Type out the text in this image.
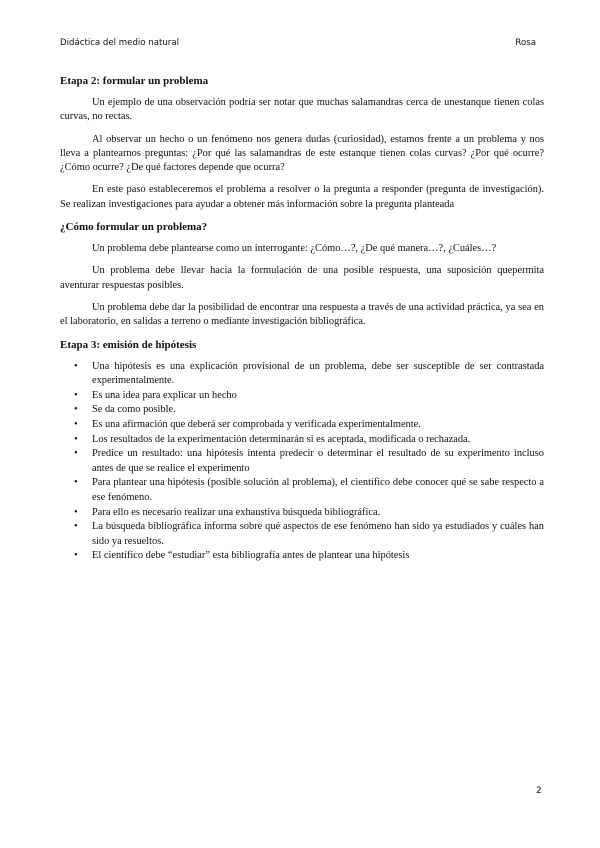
Didáctica del medio natural	Rosa
Etapa 2: formular un problema

Un ejemplo de una observación podría ser notar que muchas salamandras cerca de unestanque tienen colas curvas, no rectas.

Al observar un hecho o un fenómeno nos genera dudas (curiosidad), estamos frente a un problema y nos lleva a plantearnos preguntas: ¿Por qué las salamandras de este estanque tienen colas curvas? ¿Por qué ocurre? ¿Cómo ocurre? ¿De qué factores depende que ocurra?

En este paso estableceremos el problema a resolver o la pregunta a responder (pregunta de investigación). Se realizan investigaciones para ayudar a obtener más información sobre la pregunta planteada

¿Cómo formular un problema?

Un problema debe plantearse como un interrogante: ¿Cómo…?, ¿De qué manera…?, ¿Cuáles…?

Un problema debe llevar hacia la formulación de una posible respuesta, una suposición quepermita aventurar respuestas posibles.

Un problema debe dar la posibilidad de encontrar una respuesta a través de una actividad práctica, ya sea en el laboratorio, en salidas a terreno o mediante investigación bibliográfica.

Etapa 3: emisión de hipótesis
• Una hipótesis es una explicación provisional de un problema, debe ser susceptible de ser contrastada experimentalmente.
• Es una idea para explicar un hecho
• Se da como posible.
• Es una afirmación que deberá ser comprobada y verificada experimentalmente.
• Los resultados de la experimentación determinarán si es aceptada, modificada o rechazada.
• Predice un resultado: una hipótesis intenta predecir o determinar el resultado de su experimento incluso antes de que se realice el experimento
• Para plantear una hipótesis (posible solución al problema), el científico debe conocer qué se sabe respecto a ese fenómeno.
• Para ello es necesario realizar una exhaustiva búsqueda bibliográfica.
• La búsqueda bibliográfica informa sobre qué aspectos de ese fenómeno han sido ya estudiados y cuáles han sido ya resueltos.
• El científico debe “estudiar” esta bibliografía antes de plantear una hipótesis
2
